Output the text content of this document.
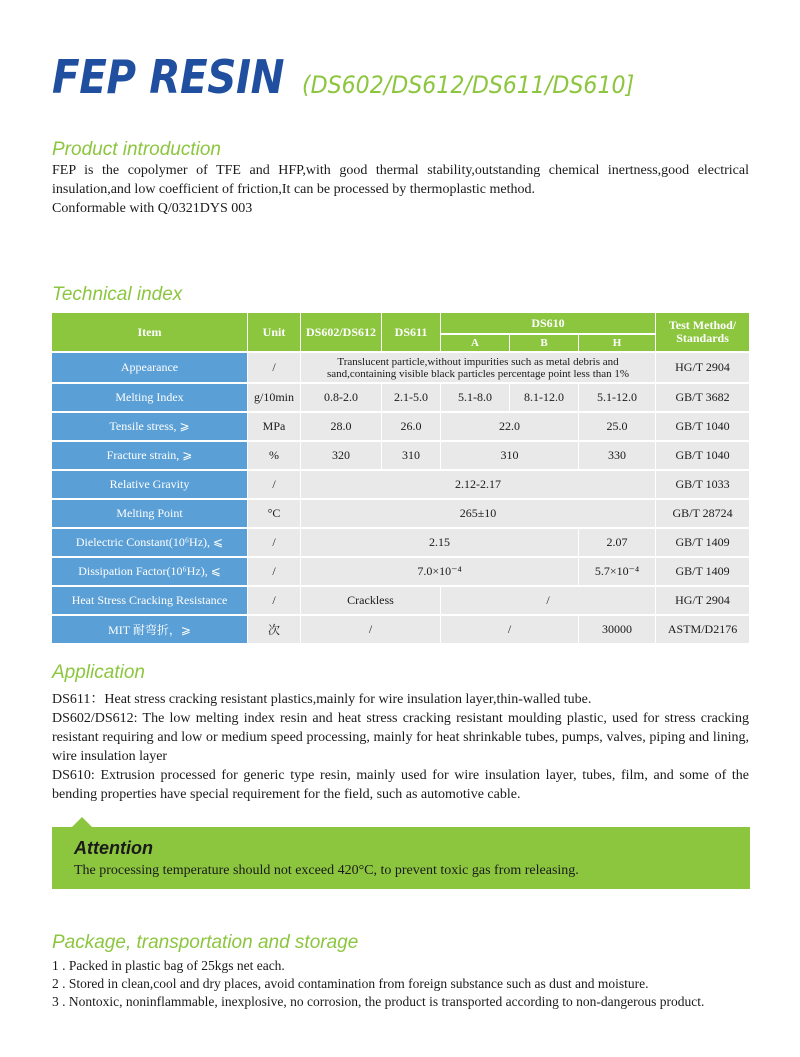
FEP RESIN (DS602/DS612/DS611/DS610]
Product introduction

FEP is the copolymer of TFE and HFP,with good thermal stability,outstanding chemical inertness,good electrical insulation,and low coefficient of friction,It can be processed by thermoplastic method.

Conformable with Q/0321DYS 003

Technical index
Item	Unit	DS602/DS612	DS611	DS610			Test Method/ Standards
				A	B	H	
Appearance	/	Translucent particle,without impurities such as metal debris and sand,containing visible black particles percentage point less than 1%					HG/T 2904
Melting Index	g/10min	0.8-2.0	2.1-5.0	5.1-8.0	8.1-12.0	5.1-12.0	GB/T 3682
Tensile stress, ⩾	MPa	28.0	26.0	22.0		25.0	GB/T 1040
Fracture strain, ⩾	%	320	310	310		330	GB/T 1040
Relative Gravity	/	2.12-2.17					GB/T 1033
Melting Point	°C	265±10					GB/T 28724
Dielectric Constant(10⁶Hz), ⩽	/	2.15				2.07	GB/T 1409
Dissipation Factor(10⁶Hz), ⩽	/	7.0×10⁻⁴				5.7×10⁻⁴	GB/T 1409
Heat Stress Cracking Resistance	/	Crackless		/			HG/T 2904
MIT 耐弯折，⩾	次	/		/		30000	ASTM/D2176
Application

DS611：Heat stress cracking resistant plastics,mainly for wire insulation layer,thin-walled tube.

DS602/DS612: The low melting index resin and heat stress cracking resistant moulding plastic, used for stress cracking resistant requiring and low or medium speed processing, mainly for heat shrinkable tubes, pumps, valves, piping and lining, wire insulation layer

DS610: Extrusion processed for generic type resin, mainly used for wire insulation layer, tubes, film, and some of the bending properties have special requirement for the field, such as automotive cable.

Attention
The processing temperature should not exceed 420°C, to prevent toxic gas from releasing.
Package, transportation and storage
1 . Packed in plastic bag of 25kgs net each.
2 . Stored in clean,cool and dry places, avoid contamination from foreign substance such as dust and moisture.
3 . Nontoxic, noninflammable, inexplosive, no corrosion, the product is transported according to non-dangerous product.
